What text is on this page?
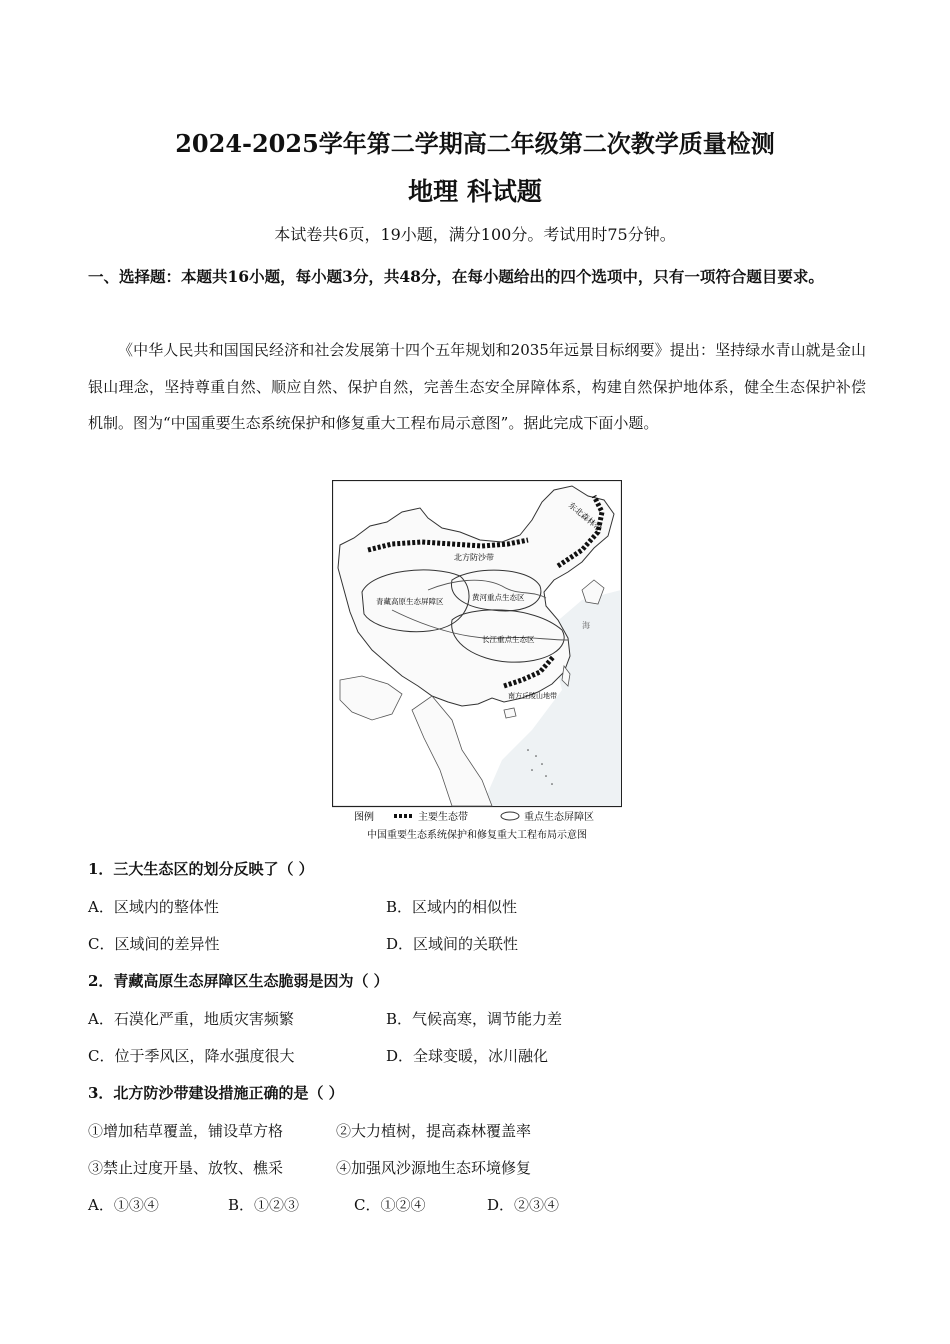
2024-2025学年第二学期高二年级第二次教学质量检测
地理 科试题
本试卷共6页，19小题，满分100分。考试用时75分钟。
一、选择题：本题共16小题，每小题3分，共48分，在每小题给出的四个选项中，只有一项符合题目要求。
《中华人民共和国国民经济和社会发展第十四个五年规划和2035年远景目标纲要》提出：坚持绿水青山就是金山银山理念，坚持尊重自然、顺应自然、保护自然，完善生态安全屏障体系，构建自然保护地体系，健全生态保护补偿机制。图为“中国重要生态系统保护和修复重大工程布局示意图”。据此完成下面小题。
东北森林带
北方防沙带
青藏高原生态屏障区	黄河重点生态区
长江重点生态区
南方丘陵山地带
海
图例	主要生态带	重点生态屏障区
中国重要生态系统保护和修复重大工程布局示意图
1．三大生态区的划分反映了（ ）
A．区域内的整体性	B．区域内的相似性
C．区域间的差异性	D．区域间的关联性
2．青藏高原生态屏障区生态脆弱是因为（ ）
A．石漠化严重，地质灾害频繁	B．气候高寒，调节能力差
C．位于季风区，降水强度很大	D．全球变暖，冰川融化
3．北方防沙带建设措施正确的是（ ）
①增加秸草覆盖，铺设草方格	②大力植树，提高森林覆盖率
③禁止过度开垦、放牧、樵采	④加强风沙源地生态环境修复
A．①③④	B．①②③	C．①②④	D．②③④
